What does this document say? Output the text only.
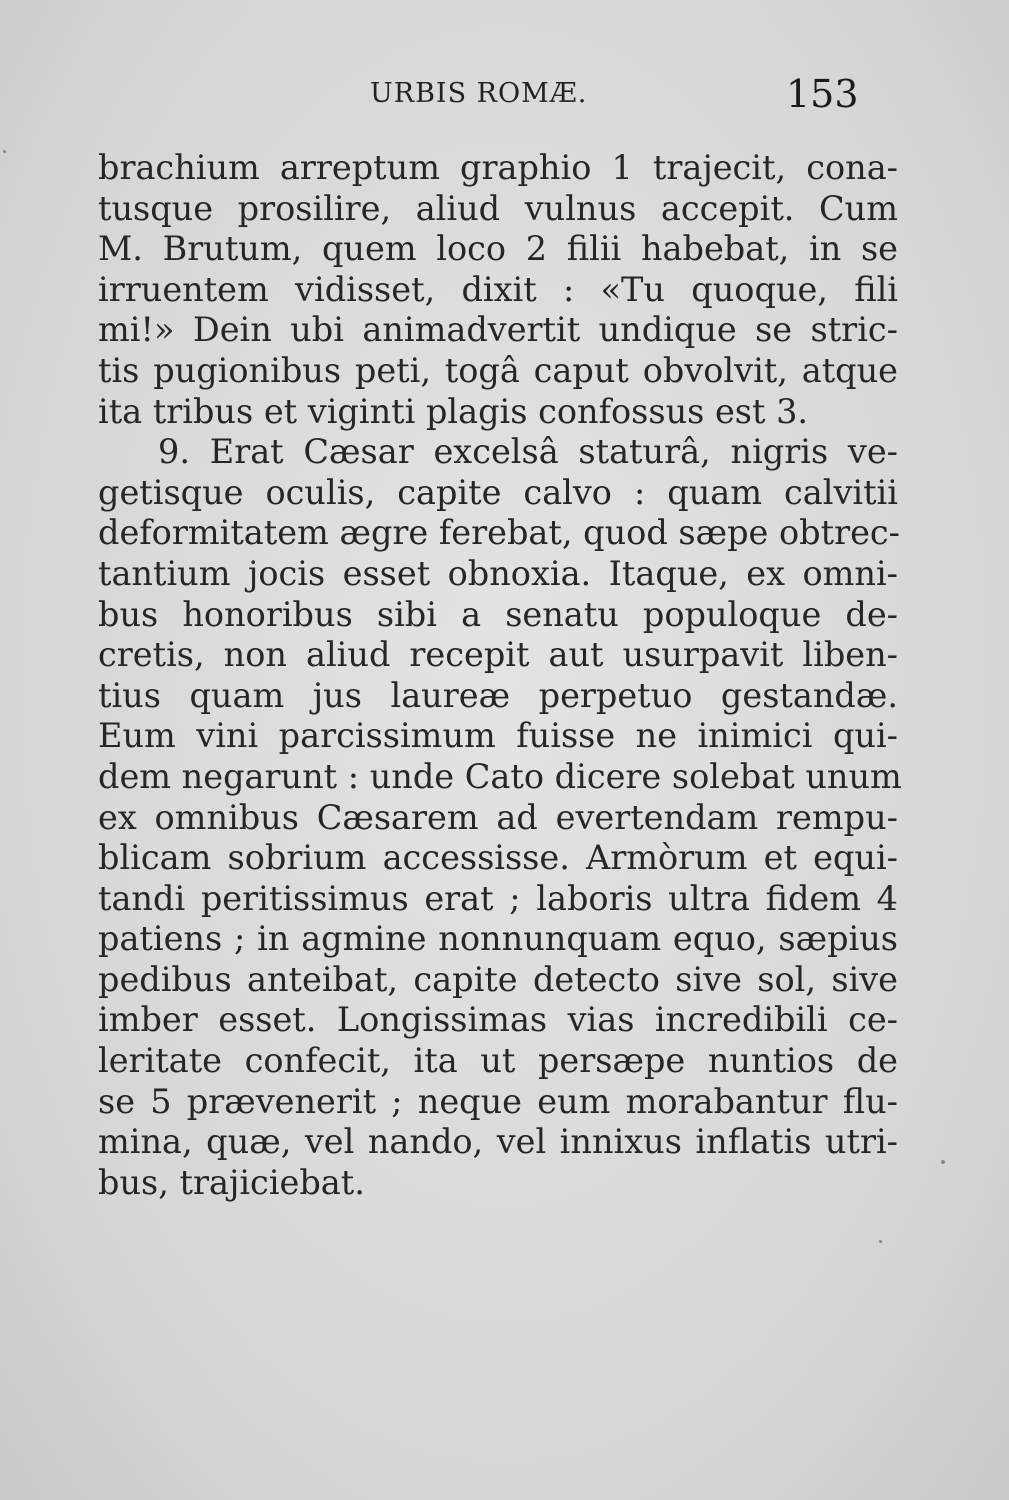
URBIS ROMÆ.	153
brachium arreptum graphio 1 trajecit, cona-
tusque prosilire, aliud vulnus accepit. Cum
M. Brutum, quem loco 2 filii habebat, in se
irruentem vidisset, dixit : «Tu quoque, fili
mi!» Dein ubi animadvertit undique se stric-
tis pugionibus peti, togâ caput obvolvit, atque
ita tribus et viginti plagis confossus est 3.
9. Erat Cæsar excelsâ staturâ, nigris ve-
getisque oculis, capite calvo : quam calvitii
deformitatem ægre ferebat, quod sæpe obtrec-
tantium jocis esset obnoxia. Itaque, ex omni-
bus honoribus sibi a senatu populoque de-
cretis, non aliud recepit aut usurpavit liben-
tius quam jus laureæ perpetuo gestandæ.
Eum vini parcissimum fuisse ne inimici qui-
dem negarunt : unde Cato dicere solebat unum
ex omnibus Cæsarem ad evertendam rempu-
blicam sobrium accessisse. Armòrum et equi-
tandi peritissimus erat ; laboris ultra fidem 4
patiens ; in agmine nonnunquam equo, sæpius
pedibus anteibat, capite detecto sive sol, sive
imber esset. Longissimas vias incredibili ce-
leritate confecit, ita ut persæpe nuntios de
se 5 prævenerit ; neque eum morabantur flu-
mina, quæ, vel nando, vel innixus inflatis utri-
bus, trajiciebat.
